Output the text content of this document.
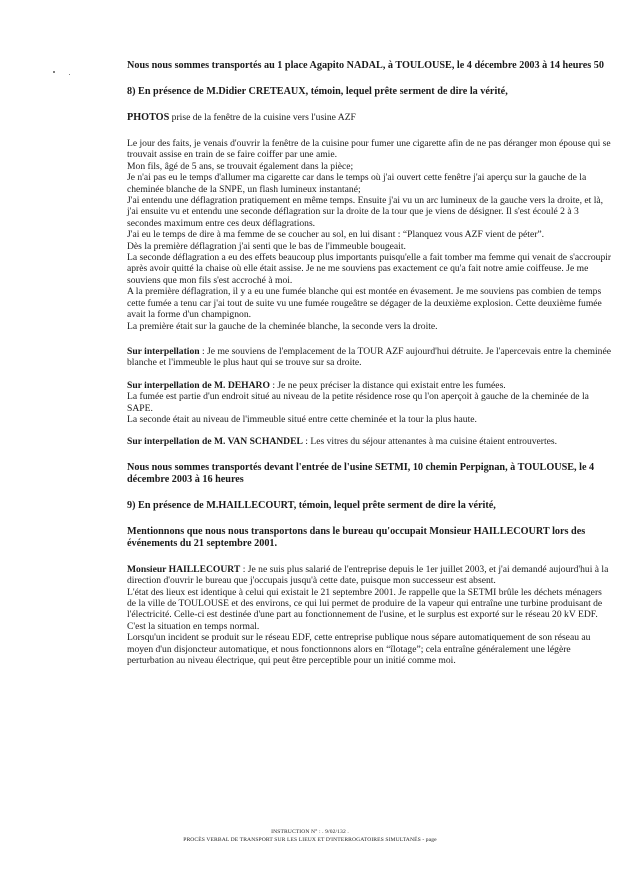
Nous nous sommes transportés au 1 place Agapito NADAL, à TOULOUSE, le 4 décembre 2003 à 14 heures 50

8) En présence de M.Didier CRETEAUX, témoin, lequel prête serment de dire la vérité,

PHOTOS prise de la fenêtre de la cuisine vers l'usine AZF

Le jour des faits, je venais d'ouvrir la fenêtre de la cuisine pour fumer une cigarette afin de ne pas déranger mon épouse qui se trouvait assise en train de se faire coiffer par une amie.

Mon fils, âgé de 5 ans, se trouvait également dans la pièce;

Je n'ai pas eu le temps d'allumer ma cigarette car dans le temps où j'ai ouvert cette fenêtre j'ai aperçu sur la gauche de la cheminée blanche de la SNPE, un flash lumineux instantané;

J'ai entendu une déflagration pratiquement en même temps. Ensuite j'ai vu un arc lumineux de la gauche vers la droite, et là, j'ai ensuite vu et entendu une seconde déflagration sur la droite de la tour que je viens de désigner. Il s'est écoulé 2 à 3 secondes maximum entre ces deux déflagrations.

J'ai eu le temps de dire à ma femme de se coucher au sol, en lui disant : “Planquez vous AZF vient de péter”.

Dès la première déflagration j'ai senti que le bas de l'immeuble bougeait.

La seconde déflagration a eu des effets beaucoup plus importants puisqu'elle a fait tomber ma femme qui venait de s'accroupir après avoir quitté la chaise où elle était assise. Je ne me souviens pas exactement ce qu'a fait notre amie coiffeuse. Je me souviens que mon fils s'est accroché à moi.

A la première déflagration, il y a eu une fumée blanche qui est montée en évasement. Je me souviens pas combien de temps cette fumée a tenu car j'ai tout de suite vu une fumée rougeâtre se dégager de la deuxième explosion. Cette deuxième fumée avait la forme d'un champignon.

La première était sur la gauche de la cheminée blanche, la seconde vers la droite.

Sur interpellation : Je me souviens de l'emplacement de la TOUR AZF aujourd'hui détruite. Je l'apercevais entre la cheminée blanche et l'immeuble le plus haut qui se trouve sur sa droite.

Sur interpellation de M. DEHARO : Je ne peux préciser la distance qui existait entre les fumées.

La fumée est partie d'un endroit situé au niveau de la petite résidence rose qu l'on aperçoit à gauche de la cheminée de la SAPE.

La seconde était au niveau de l'immeuble situé entre cette cheminée et la tour la plus haute.

Sur interpellation de M. VAN SCHANDEL : Les vitres du séjour attenantes à ma cuisine étaient entrouvertes.

Nous nous sommes transportés devant l'entrée de l'usine SETMI, 10 chemin Perpignan, à TOULOUSE, le 4 décembre 2003 à 16 heures

9) En présence de M.HAILLECOURT, témoin, lequel prête serment de dire la vérité,

Mentionnons que nous nous transportons dans le bureau qu'occupait Monsieur HAILLECOURT lors des événements du 21 septembre 2001.

Monsieur HAILLECOURT : Je ne suis plus salarié de l'entreprise depuis le 1er juillet 2003, et j'ai demandé aujourd'hui à la direction d'ouvrir le bureau que j'occupais jusqu'à cette date, puisque mon successeur est absent.

L'état des lieux est identique à celui qui existait le 21 septembre 2001. Je rappelle que la SETMI brûle les déchets ménagers de la ville de TOULOUSE et des environs, ce qui lui permet de produire de la vapeur qui entraîne une turbine produisant de l'électricité. Celle-ci est destinée d'une part au fonctionnement de l'usine, et le surplus est exporté sur le réseau 20 kV EDF.

C'est la situation en temps normal.

Lorsqu'un incident se produit sur le réseau EDF, cette entreprise publique nous sépare automatiquement de son réseau au moyen d'un disjoncteur automatique, et nous fonctionnons alors en “îlotage”; cela entraîne généralement une légère perturbation au niveau électrique, qui peut être perceptible pour un initié comme moi.

INSTRUCTION N° : . 9/02/132 .
PROCÈS VERBAL DE TRANSPORT SUR LES LIEUX ET D'INTERROGATOIRES SIMULTANÉS - page
